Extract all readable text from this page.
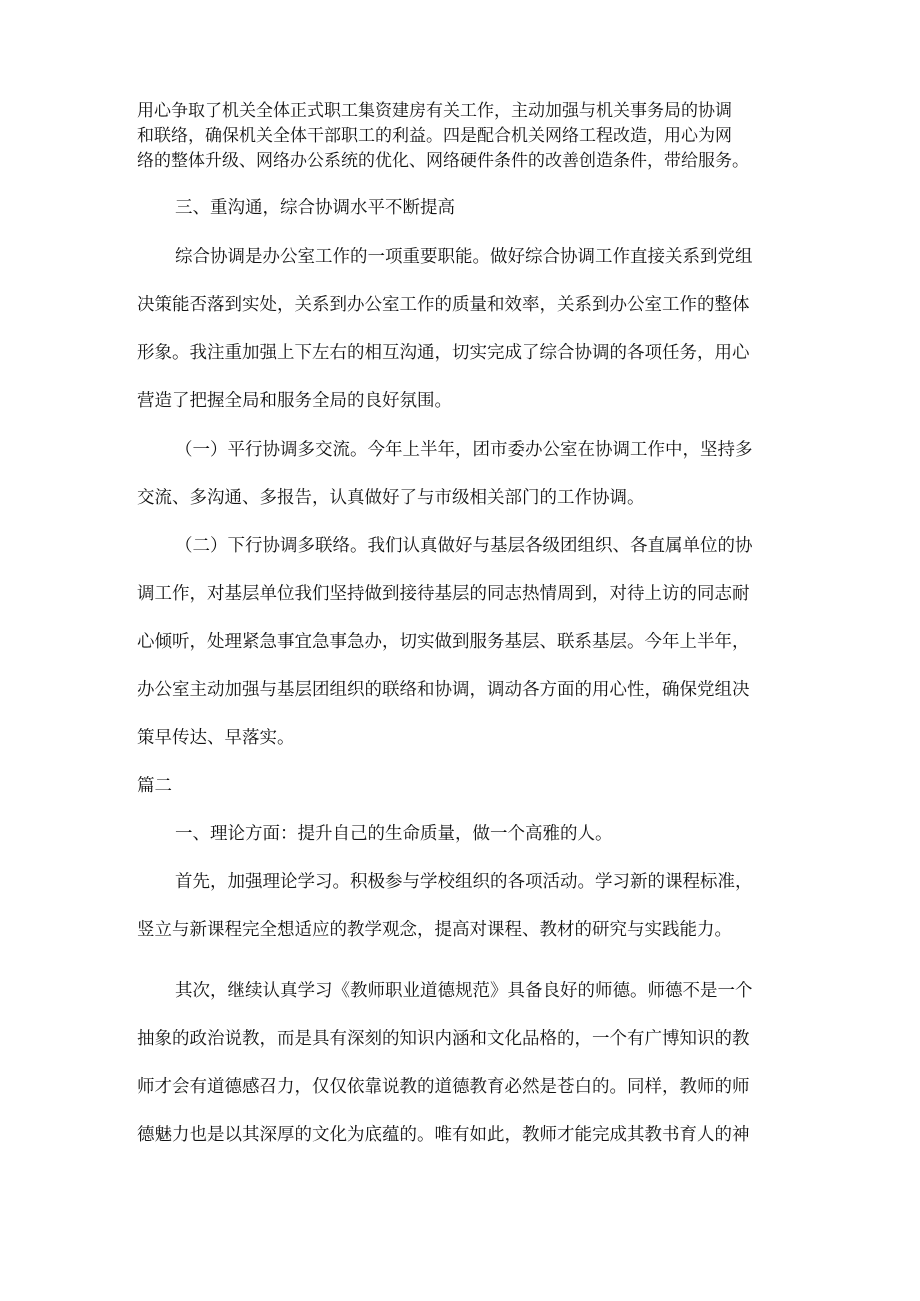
用心争取了机关全体正式职工集资建房有关工作，主动加强与机关事务局的协调
和联络，确保机关全体干部职工的利益。四是配合机关网络工程改造，用心为网
络的整体升级、网络办公系统的优化、网络硬件条件的改善创造条件，带给服务。
三、重沟通，综合协调水平不断提高
综合协调是办公室工作的一项重要职能。做好综合协调工作直接关系到党组
决策能否落到实处，关系到办公室工作的质量和效率，关系到办公室工作的整体
形象。我注重加强上下左右的相互沟通，切实完成了综合协调的各项任务，用心
营造了把握全局和服务全局的良好氛围。
（一）平行协调多交流。今年上半年，团市委办公室在协调工作中，坚持多
交流、多沟通、多报告，认真做好了与市级相关部门的工作协调。
（二）下行协调多联络。我们认真做好与基层各级团组织、各直属单位的协
调工作，对基层单位我们坚持做到接待基层的同志热情周到，对待上访的同志耐
心倾听，处理紧急事宜急事急办，切实做到服务基层、联系基层。今年上半年，
办公室主动加强与基层团组织的联络和协调，调动各方面的用心性，确保党组决
策早传达、早落实。
篇二
一、理论方面：提升自己的生命质量，做一个高雅的人。
首先，加强理论学习。积极参与学校组织的各项活动。学习新的课程标准，
竖立与新课程完全想适应的教学观念，提高对课程、教材的研究与实践能力。
其次，继续认真学习《教师职业道德规范》具备良好的师德。师德不是一个
抽象的政治说教，而是具有深刻的知识内涵和文化品格的，一个有广博知识的教
师才会有道德感召力，仅仅依靠说教的道德教育必然是苍白的。同样，教师的师
德魅力也是以其深厚的文化为底蕴的。唯有如此，教师才能完成其教书育人的神
